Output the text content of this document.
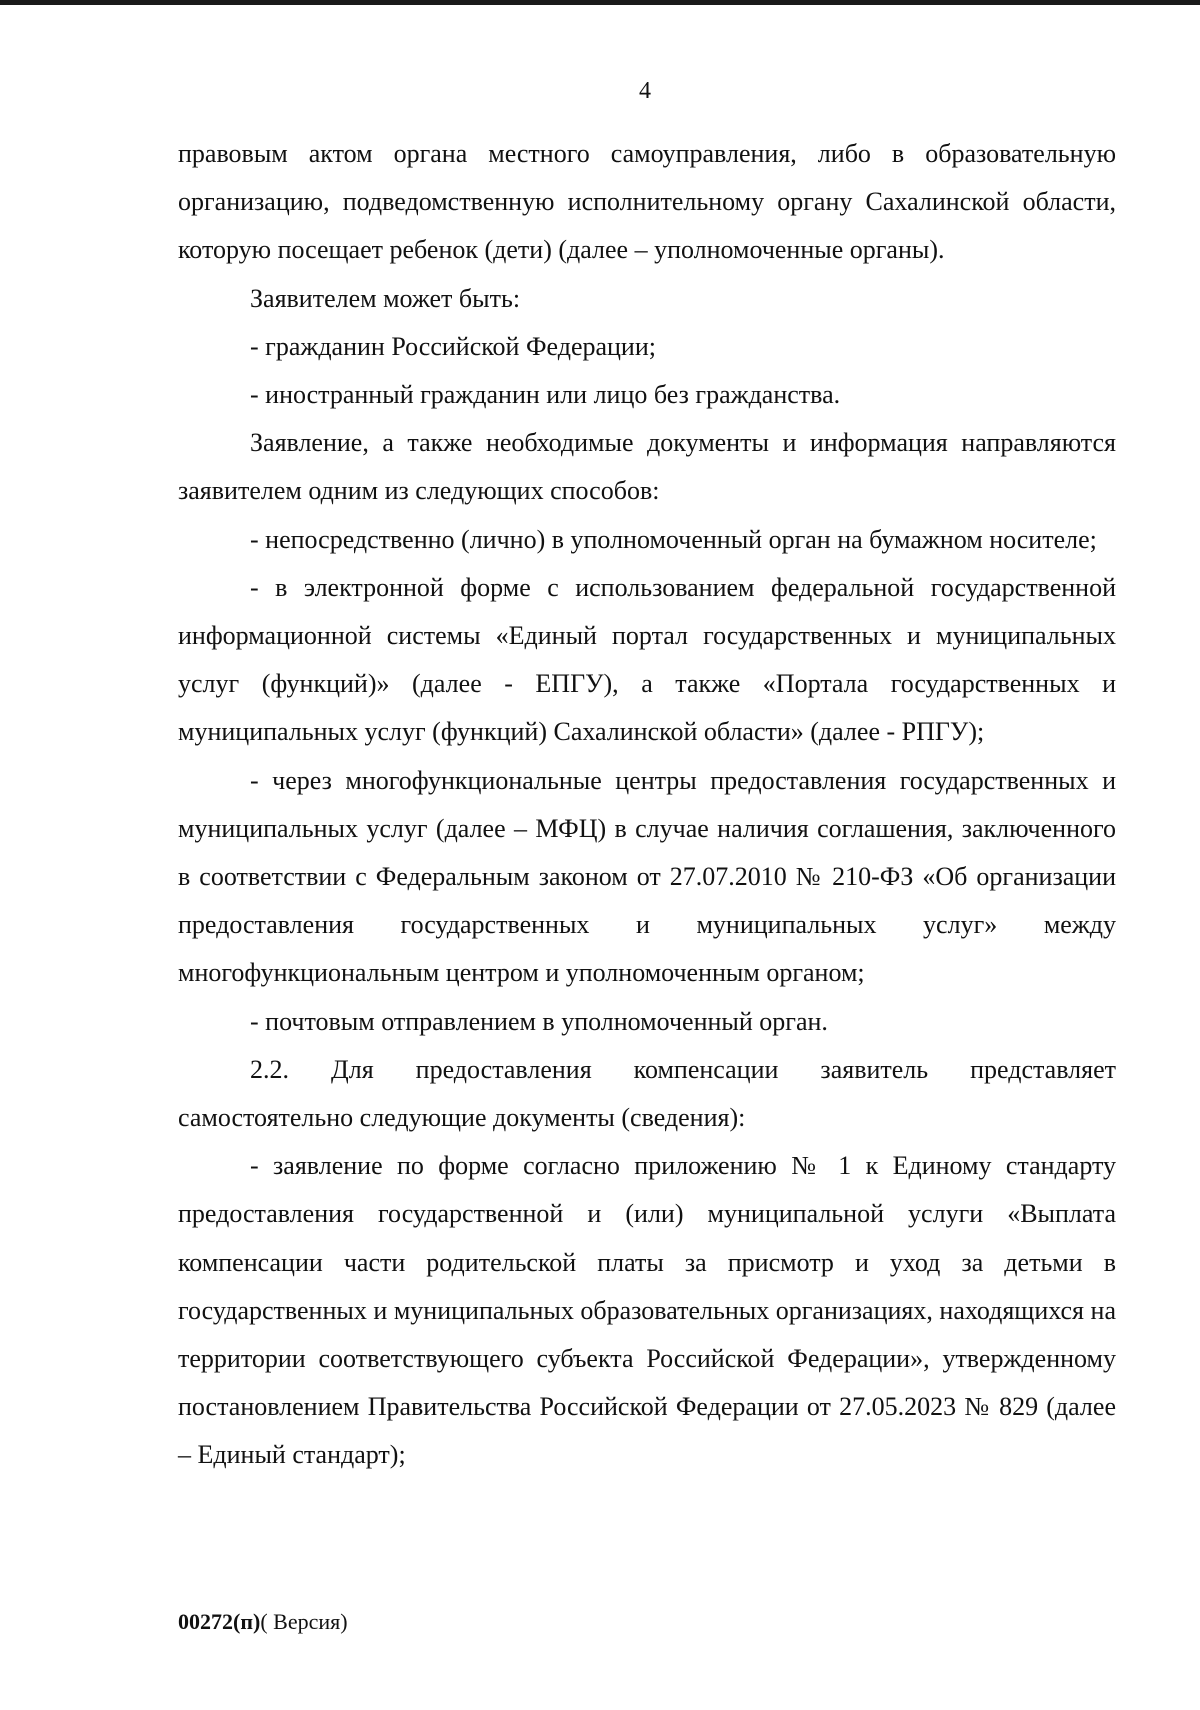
4

правовым актом органа местного самоуправления, либо в образовательную организацию, подведомственную исполнительному органу Сахалинской области, которую посещает ребенок (дети) (далее – уполномоченные органы).

Заявителем может быть:

- гражданин Российской Федерации;

- иностранный гражданин или лицо без гражданства.

Заявление, а также необходимые документы и информация направляются заявителем одним из следующих способов:

- непосредственно (лично) в уполномоченный орган на бумажном носителе;

- в электронной форме с использованием федеральной государственной информационной системы «Единый портал государственных и муниципальных услуг (функций)» (далее - ЕПГУ), а также «Портала государственных и муниципальных услуг (функций) Сахалинской области» (далее - РПГУ);

- через многофункциональные центры предоставления государственных и муниципальных услуг (далее – МФЦ) в случае наличия соглашения, заключенного в соответствии с Федеральным законом от 27.07.2010 № 210-ФЗ «Об организации предоставления государственных и муниципальных услуг» между многофункциональным центром и уполномоченным органом;

- почтовым отправлением в уполномоченный орган.

2.2. Для предоставления компенсации заявитель представляет самостоятельно следующие документы (сведения):

- заявление по форме согласно приложению № 1 к Единому стандарту предоставления государственной и (или) муниципальной услуги «Выплата компенсации части родительской платы за присмотр и уход за детьми в государственных и муниципальных образовательных организациях, находящихся на территории соответствующего субъекта Российской Федерации», утвержденному постановлением Правительства Российской Федерации от 27.05.2023 № 829 (далее – Единый стандарт);

00272(п)( Версия)
